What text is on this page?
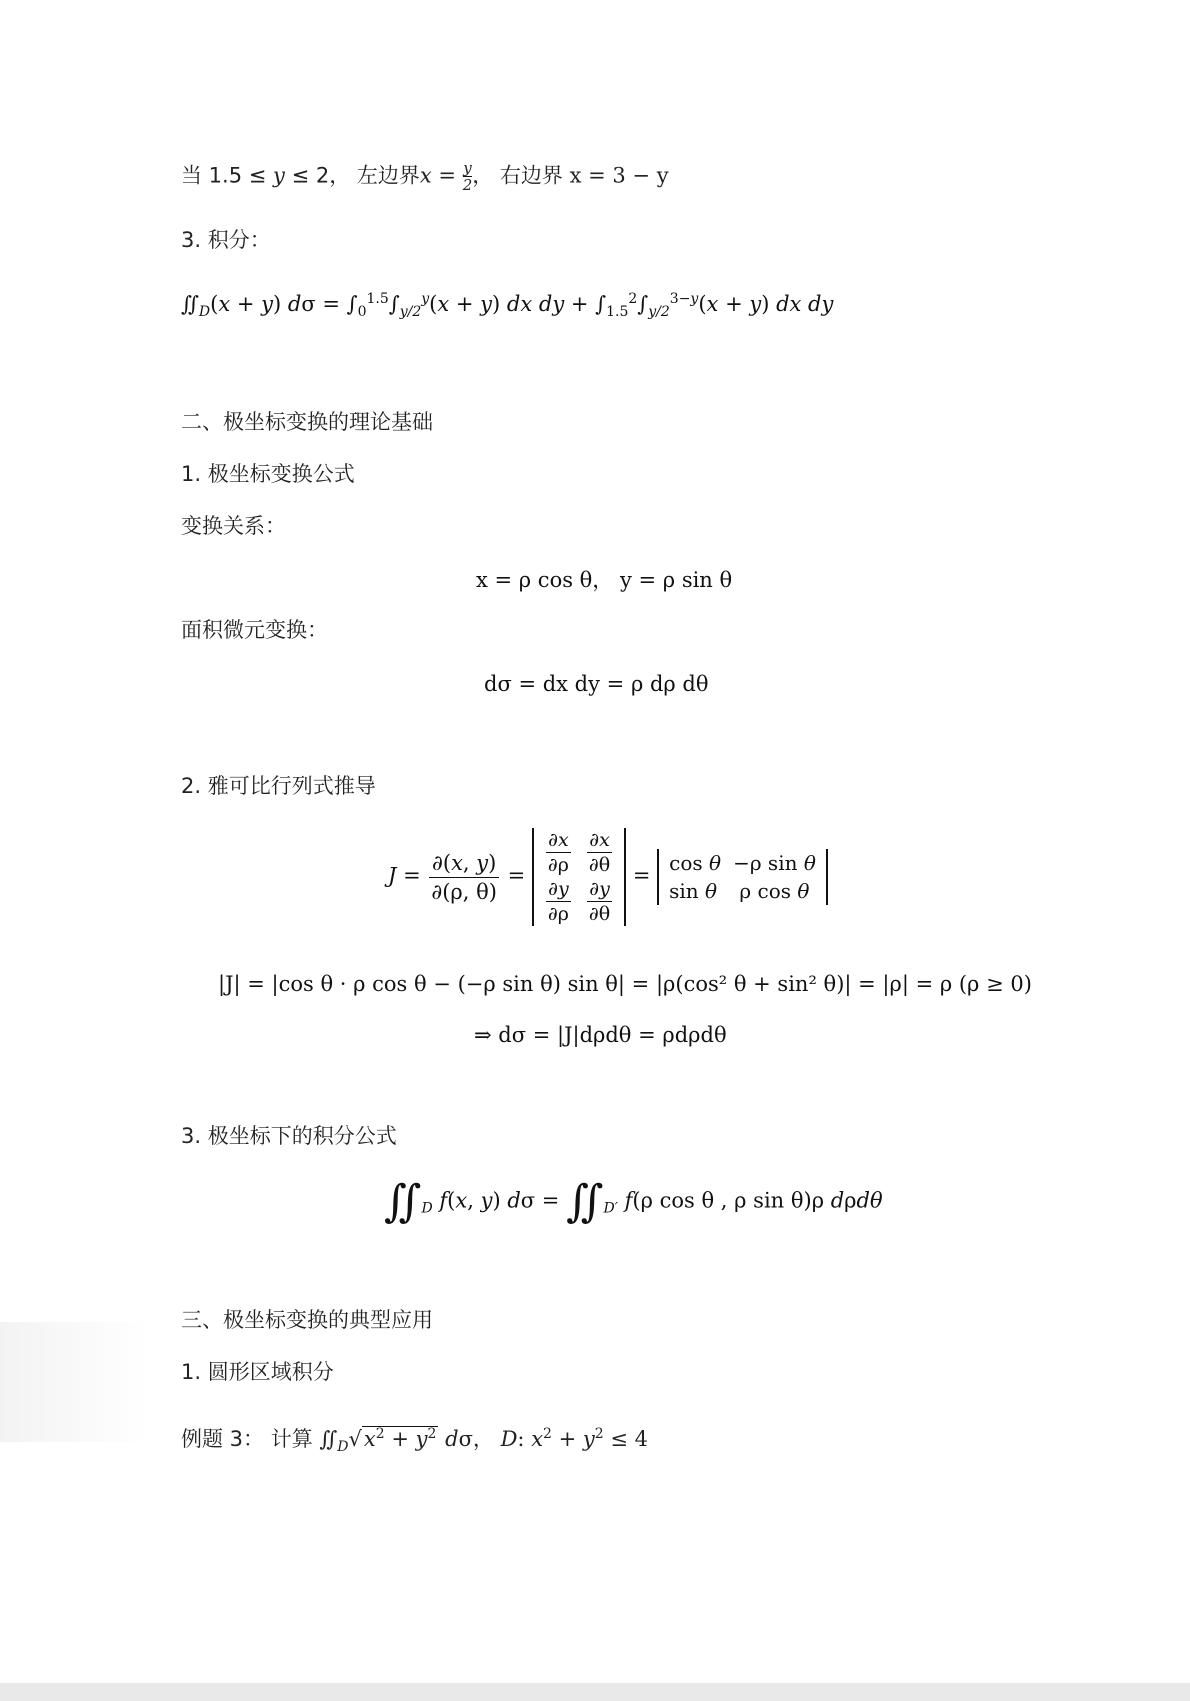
当 1.5 ≤ y ≤ 2， 左边界$x = \frac{y}{2}$ ， 右边界 x = 3 − y
3. 积分：
$∬_D(x + y) d\sigma = \int_0^{1.5}\int_{y/2}^y(x + y)$ dx dy + $\int_{1.5}^2\int_{y/2}^{3-y}(x + y)$ dx dy
二、极坐标变换的理论基础
1. 极坐标变换公式
变换关系：
x = ρ cos θ， y = ρ sin θ
面积微元变换：
dσ = dx dy = ρ dρ dθ
2. 雅可比行列式推导
$J = \frac{\partial(x, y)}{\partial(\rho, \theta)} = \frac{\partial x}{\partial\rho}$	$\frac{\partial x}{\partial\theta}$

$\frac{\partial y}{\partial\rho}$	$\frac{\partial y}{\partial\theta}$
=
cos θ	−ρ sin θ
sin θ	ρ cos θ
|J| = |cos θ · ρ cos θ − (−ρ sin θ) sin θ| = |ρ(cos² θ + sin² θ)| = |ρ| = ρ (ρ ≥ 0)
⇒ dσ = |J|dρdθ = ρdρdθ
3. 极坐标下的积分公式
$∬_D$ f(x, y) $d\sigma = ∬_{D'}$ f(ρ cos θ , ρ sin θ)ρ dρdθ
三、极坐标变换的典型应用
1. 圆形区域积分
例题 3： 计算 $∬_D√x^2 + y^2$ dσ， D: $x^2 + y^2 \le 4$
